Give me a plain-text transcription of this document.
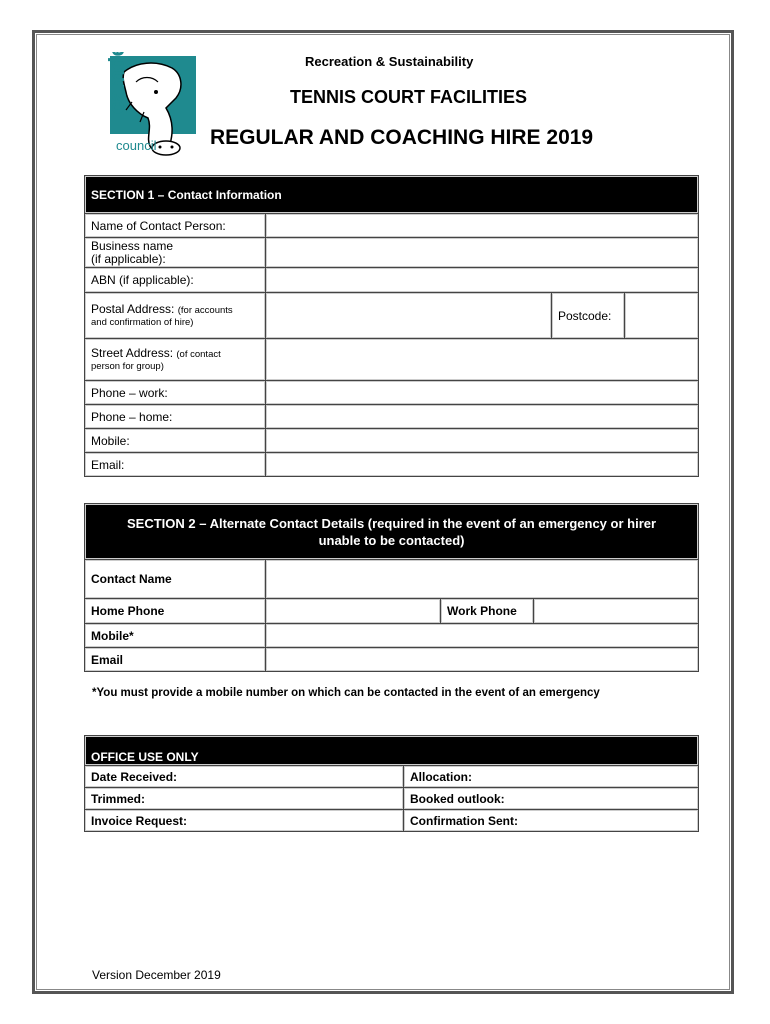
camden
council
Recreation & Sustainability
TENNIS COURT FACILITIES
REGULAR AND COACHING HIRE 2019
SECTION 1 – Contact Information			
Name of Contact Person:			

Business name
(if applicable):			

ABN (if applicable):			

Postal Address: (for accounts
and confirmation of hire)		Postcode:	

Street Address: (of contact
person for group)			

Phone – work:			
Phone – home:			
Mobile:			
Email:			
SECTION 2 – Alternate Contact Details (required in the event of an emergency or hirer
unable to be contacted)			

Contact Name			
Home Phone		Work Phone	
Mobile*			
Email			
*You must provide a mobile number on which can be contacted in the event of an emergency
OFFICE USE ONLY	
Date Received:	Allocation:
Trimmed:	Booked outlook:
Invoice Request:	Confirmation Sent:
Version December 2019
